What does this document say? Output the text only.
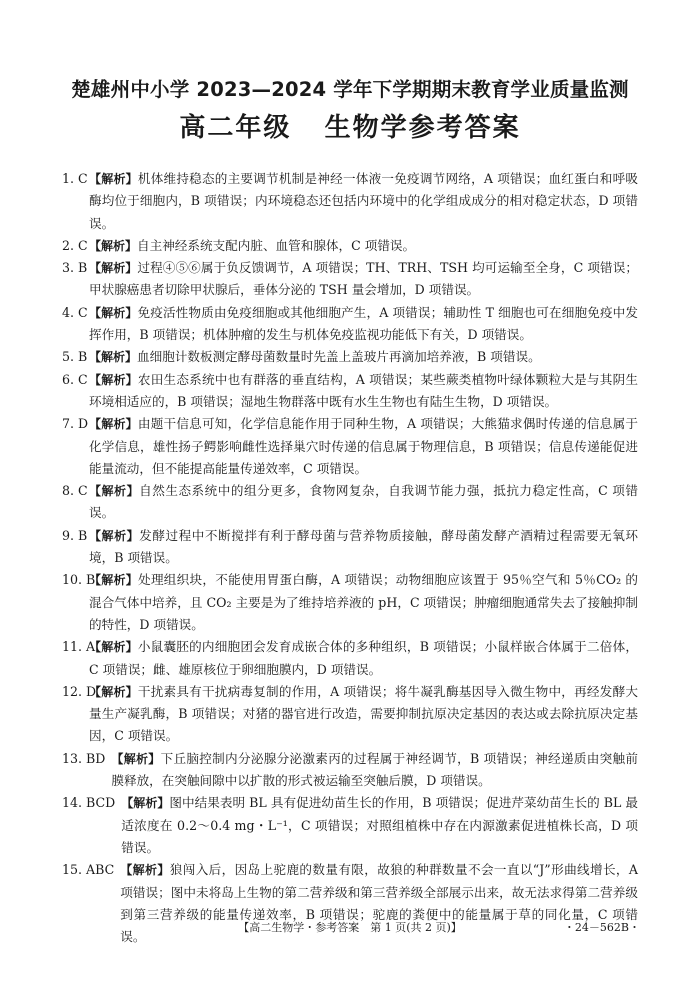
楚雄州中小学 2023—2024 学年下学期期末教育学业质量监测
高二年级   生物学参考答案
1. C 【解析】机体维持稳态的主要调节机制是神经一体液一免疫调节网络，A 项错误；血红蛋白和呼吸酶均位于细胞内，B 项错误；内环境稳态还包括内环境中的化学组成成分的相对稳定状态，D 项错误。
2. C 【解析】自主神经系统支配内脏、血管和腺体，C 项错误。
3. B 【解析】过程④⑤⑥属于负反馈调节，A 项错误；TH、TRH、TSH 均可运输至全身，C 项错误；甲状腺癌患者切除甲状腺后，垂体分泌的 TSH 量会增加，D 项错误。
4. C 【解析】免疫活性物质由免疫细胞或其他细胞产生，A 项错误；辅助性 T 细胞也可在细胞免疫中发挥作用，B 项错误；机体肿瘤的发生与机体免疫监视功能低下有关，D 项错误。
5. B 【解析】血细胞计数板测定酵母菌数量时先盖上盖玻片再滴加培养液，B 项错误。
6. C 【解析】农田生态系统中也有群落的垂直结构，A 项错误；某些蕨类植物叶绿体颗粒大是与其阴生环境相适应的，B 项错误；湿地生物群落中既有水生生物也有陆生生物，D 项错误。
7. D 【解析】由题干信息可知，化学信息能作用于同种生物，A 项错误；大熊猫求偶时传递的信息属于化学信息，雄性扬子鳄影响雌性选择巢穴时传递的信息属于物理信息，B 项错误；信息传递能促进能量流动，但不能提高能量传递效率，C 项错误。
8. C 【解析】自然生态系统中的组分更多，食物网复杂，自我调节能力强，抵抗力稳定性高，C 项错误。
9. B 【解析】发酵过程中不断搅拌有利于酵母菌与营养物质接触，酵母菌发酵产酒精过程需要无氧环境，B 项错误。
10. B
【解析】处理组织块，不能使用胃蛋白酶，A 项错误；动物细胞应该置于 95％空气和 5％CO₂ 的混合气体中培养，且 CO₂ 主要是为了维持培养液的 pH，C 项错误；肿瘤细胞通常失去了接触抑制的特性，D 项错误。
11. A
【解析】小鼠囊胚的内细胞团会发育成嵌合体的多种组织，B 项错误；小鼠样嵌合体属于二倍体，C 项错误；雌、雄原核位于卵细胞膜内，D 项错误。
12. D
【解析】干扰素具有干扰病毒复制的作用，A 项错误；将牛凝乳酶基因导入微生物中，再经发酵大量生产凝乳酶，B 项错误；对猪的器官进行改造，需要抑制抗原决定基因的表达或去除抗原决定基因，C 项错误。
13. BD 【解析】下丘脑控制内分泌腺分泌激素丙的过程属于神经调节，B 项错误；神经递质由突触前膜释放，在突触间隙中以扩散的形式被运输至突触后膜，D 项错误。
14. BCD 【解析】图中结果表明 BL 具有促进幼苗生长的作用，B 项错误；促进芹菜幼苗生长的 BL 最适浓度在 0.2～0.4 mg・L⁻¹，C 项错误；对照组植株中存在内源激素促进植株长高，D 项错误。
15. ABC 【解析】狼闯入后，因岛上驼鹿的数量有限，故狼的种群数量不会一直以“J”形曲线增长，A 项错误；图中未将岛上生物的第二营养级和第三营养级全部展示出来，故无法求得第二营养级到第三营养级的能量传递效率，B 项错误；驼鹿的粪便中的能量属于草的同化量，C 项错误。
【高二生物学・参考答案　第 1 页(共 2 页)】	・24－562B・
